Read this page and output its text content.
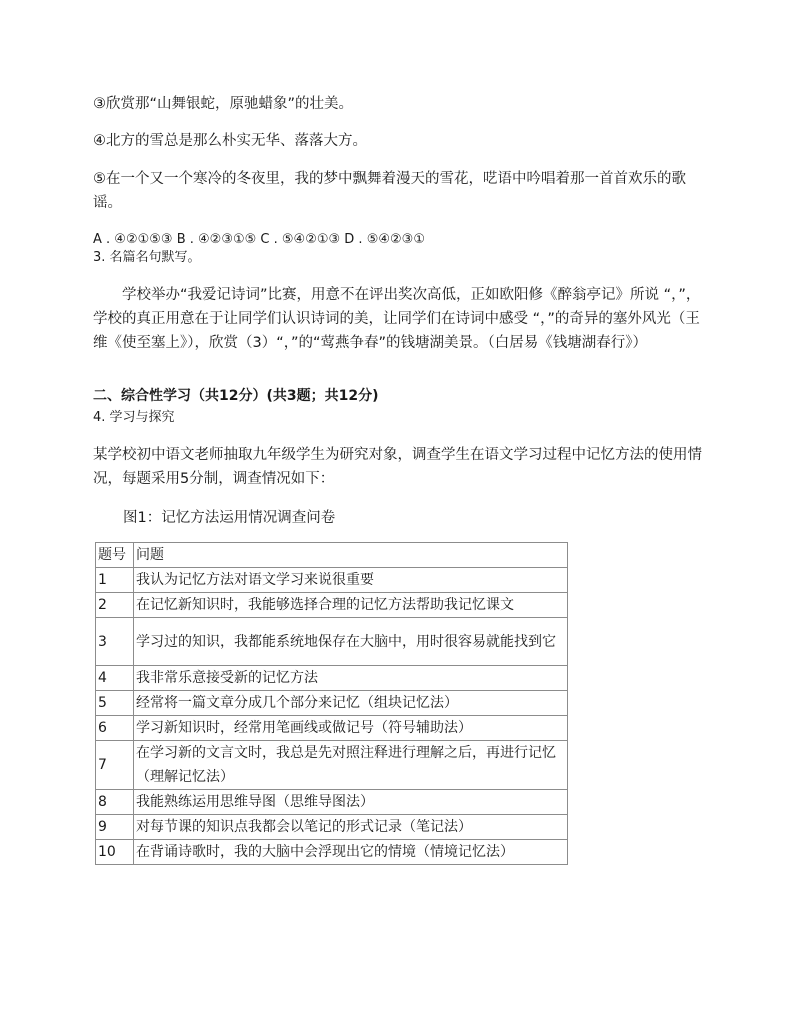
③欣赏那“山舞银蛇，原驰蜡象”的壮美。
④北方的雪总是那么朴实无华、落落大方。
⑤在一个又一个寒冷的冬夜里，我的梦中飘舞着漫天的雪花，呓语中吟唱着那一首首欢乐的歌谣。
A . ④②①⑤③ B . ④②③①⑤ C . ⑤④②①③ D . ⑤④②③①
3. 名篇名句默写。
学校举办“我爱记诗词”比赛，用意不在评出奖次高低，正如欧阳修《醉翁亭记》所说 “，”，学校的真正用意在于让同学们认识诗词的美，让同学们在诗词中感受 “，”的奇异的塞外风光（王维《使至塞上》），欣赏（3）“，”的“莺燕争春”的钱塘湖美景。（白居易《钱塘湖春行》）
二、综合性学习（共12分）(共3题；共12分)
4. 学习与探究
某学校初中语文老师抽取九年级学生为研究对象，调查学生在语文学习过程中记忆方法的使用情况，每题采用5分制，调查情况如下：
图1：记忆方法运用情况调查问卷
题号	问题
1	我认为记忆方法对语文学习来说很重要
2	在记忆新知识时，我能够选择合理的记忆方法帮助我记忆课文
3	学习过的知识，我都能系统地保存在大脑中，用时很容易就能找到它
4	我非常乐意接受新的记忆方法
5	经常将一篇文章分成几个部分来记忆（组块记忆法）
6	学习新知识时，经常用笔画线或做记号（符号辅助法）
7	在学习新的文言文时，我总是先对照注释进行理解之后，再进行记忆（理解记忆法）
8	我能熟练运用思维导图（思维导图法）
9	对每节课的知识点我都会以笔记的形式记录（笔记法）
10	在背诵诗歌时，我的大脑中会浮现出它的情境（情境记忆法）
